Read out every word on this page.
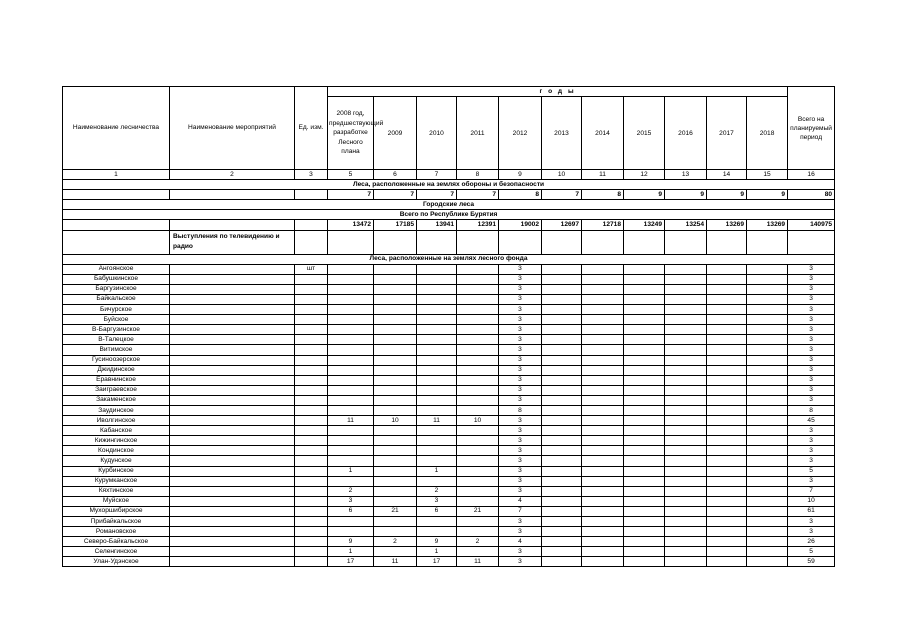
Наименование лесничества	Наименование мероприятий	Ед. изм.	г о д ы											Всего на планируемый период
			2008 год, предшествующий разработке Лесного плана	2009	2010	2011	2012	2013	2014	2015	2016	2017	2018	
1	2	3	5	6	7	8	9	10	11	12	13	14	15	16
Леса, расположенные на землях обороны и безопасности														
			7	7	7	7	8	7	8	9	9	9	9	80
Городские леса														
Всего по Республике Бурятия														
			13472	17185	13941	12391	19002	12697	12718	13249	13254	13269	13269	140975
	Выступления по телевидению и радио													
Леса, расположенные на землях лесного фонда														
Ангоянское		шт					3							3
Бабушкинское							3							3
Баргузинское							3							3
Байкальское							3							3
Бичурское							3							3
Буйское							3							3
В-Баргузинское							3							3
В-Талецкое							3							3
Витимское							3							3
Гусиноозерское							3							3
Джидинское							3							3
Еравнинское							3							3
Заиграевское							3							3
Закаменское							3							3
Заудинское							8							8
Иволгинское			11	10	11	10	3							45
Кабанское							3							3
Кижингинское							3							3
Кондинское							3							3
Кудунское							3							3
Курбинское			1		1		3							5
Курумканское							3							3
Кяхтинское			2		2		3							7
Муйское			3		3		4							10
Мухоршибирское			6	21	6	21	7							61
Прибайкальское							3							3
Романовское							3							3
Северо-Байкальское			9	2	9	2	4							26
Селенгинское			1		1		3							5
Улан-Удэнское			17	11	17	11	3							59
